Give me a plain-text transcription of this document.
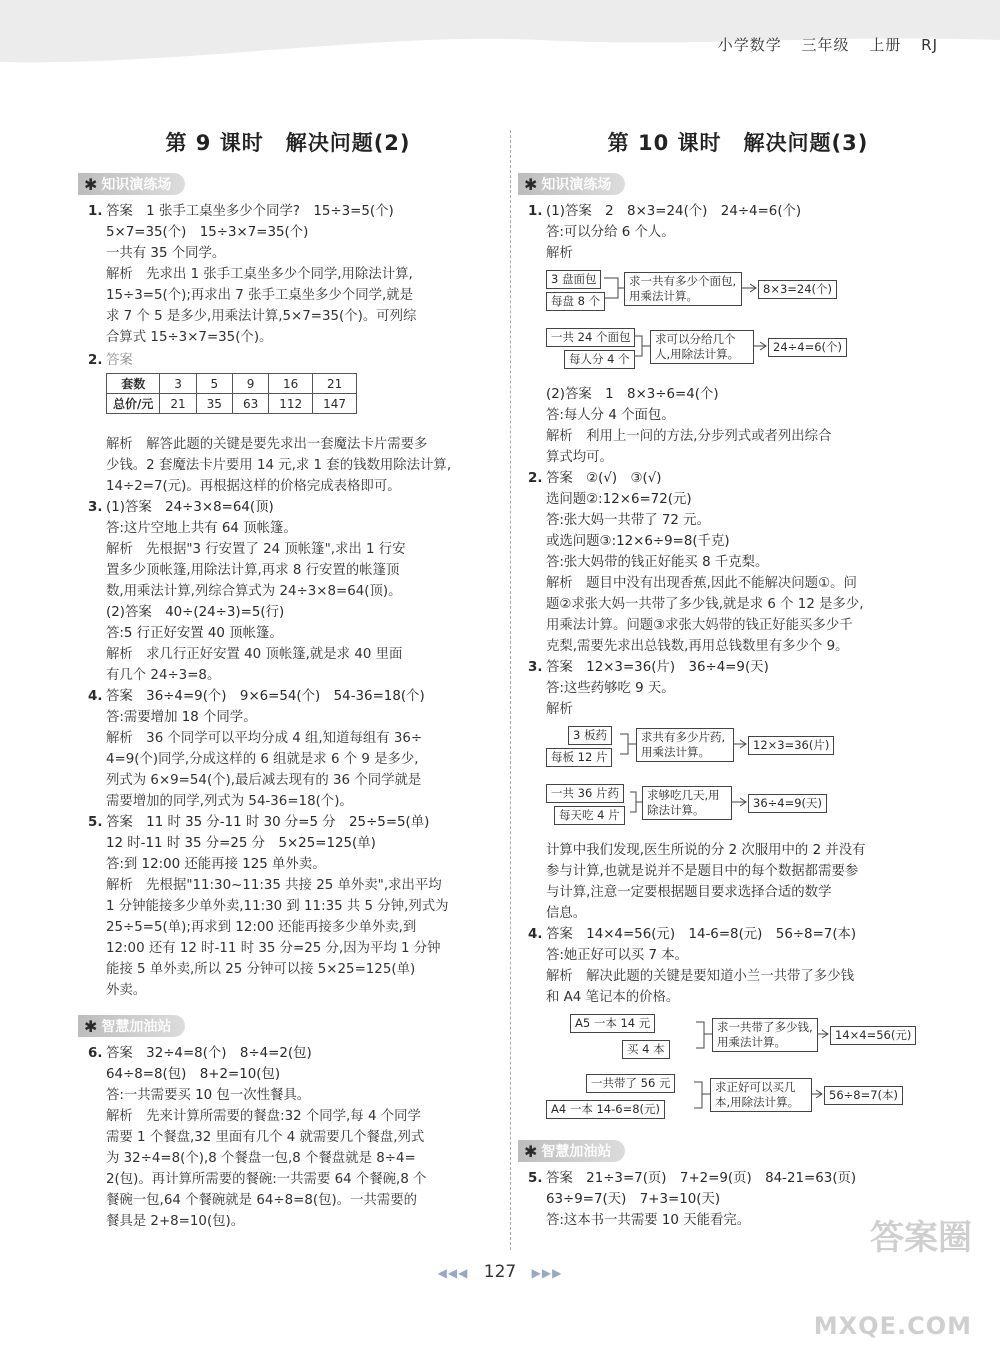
小学数学 三年级 上册 RJ
第 9 课时　解决问题(2)
✱ 知识演练场

1. 答案　1 张手工桌坐多少个同学?　15÷3=5(个)

5×7=35(个)　15÷3×7=35(个)

一共有 35 个同学。

解析　先求出 1 张手工桌坐多少个同学,用除法计算,

15÷3=5(个);再求出 7 张手工桌坐多少个同学,就是

求 7 个 5 是多少,用乘法计算,5×7=35(个)。可列综

合算式 15÷3×7=35(个)。

2. 答案

套数	3	5	9	16	21
总价/元	21	35	63	112	147

解析　解答此题的关键是要先求出一套魔法卡片需要多

少钱。2 套魔法卡片要用 14 元,求 1 套的钱数用除法计算,

14÷2=7(元)。再根据这样的价格完成表格即可。

3. (1)答案　24÷3×8=64(顶)

答:这片空地上共有 64 顶帐篷。

解析　先根据"3 行安置了 24 顶帐篷",求出 1 行安

置多少顶帐篷,用除法计算,再求 8 行安置的帐篷顶

数,用乘法计算,列综合算式为 24÷3×8=64(顶)。

(2)答案　40÷(24÷3)=5(行)

答:5 行正好安置 40 顶帐篷。

解析　求几行正好安置 40 顶帐篷,就是求 40 里面

有几个 24÷3=8。

4. 答案　36÷4=9(个)　9×6=54(个)　54-36=18(个)

答:需要增加 18 个同学。

解析　36 个同学可以平均分成 4 组,知道每组有 36÷

4=9(个)同学,分成这样的 6 组就是求 6 个 9 是多少,

列式为 6×9=54(个),最后减去现有的 36 个同学就是

需要增加的同学,列式为 54-36=18(个)。

5. 答案　11 时 35 分-11 时 30 分=5 分　25÷5=5(单)

12 时-11 时 35 分=25 分　5×25=125(单)

答:到 12:00 还能再接 125 单外卖。

解析　先根据"11:30~11:35 共接 25 单外卖",求出平均

1 分钟能接多少单外卖,11:30 到 11:35 共 5 分钟,列式为

25÷5=5(单);再求到 12:00 还能再接多少单外卖,到

12:00 还有 12 时-11 时 35 分=25 分,因为平均 1 分钟

能接 5 单外卖,所以 25 分钟可以接 5×25=125(单)

外卖。

✱ 智慧加油站

6. 答案　32÷4=8(个)　8÷4=2(包)

64÷8=8(包)　8+2=10(包)

答:一共需要买 10 包一次性餐具。

解析　先来计算所需要的餐盘:32 个同学,每 4 个同学

需要 1 个餐盘,32 里面有几个 4 就需要几个餐盘,列式

为 32÷4=8(个),8 个餐盘一包,8 个餐盘就是 8÷4=

2(包)。再计算所需要的餐碗:一共需要 64 个餐碗,8 个

餐碗一包,64 个餐碗就是 64÷8=8(包)。一共需要的

餐具是 2+8=10(包)。

第 10 课时　解决问题(3)
✱ 知识演练场

1. (1)答案　2　8×3=24(个)　24÷4=6(个)

答:可以分给 6 个人。

解析

3 盘面包
每盘 8 个
求一共有多少个面包,用乘法计算。	8×3=24(个)
一共 24 个面包
每人分 4 个
求可以分给几个人,用除法计算。	24÷4=6(个)

(2)答案　1　8×3÷6=4(个)

答:每人分 4 个面包。

解析　利用上一问的方法,分步列式或者列出综合

算式均可。

2. 答案　②(√)　③(√)

选问题②:12×6=72(元)

答:张大妈一共带了 72 元。

或选问题③:12×6÷9=8(千克)

答:张大妈带的钱正好能买 8 千克梨。

解析　题目中没有出现香蕉,因此不能解决问题①。问

题②求张大妈一共带了多少钱,就是求 6 个 12 是多少,

用乘法计算。问题③求张大妈带的钱正好能买多少千

克梨,需要先求出总钱数,再用总钱数里有多少个 9。

3. 答案　12×3=36(片)　36÷4=9(天)

答:这些药够吃 9 天。

解析

3 板药
每板 12 片
求共有多少片药,用乘法计算。	12×3=36(片)
一共 36 片药
每天吃 4 片
求够吃几天,用除法计算。	36÷4=9(天)

计算中我们发现,医生所说的分 2 次服用中的 2 并没有

参与计算,也就是说并不是题目中的每个数据都需要参

与计算,注意一定要根据题目要求选择合适的数学

信息。

4. 答案　14×4=56(元)　14-6=8(元)　56÷8=7(本)

答:她正好可以买 7 本。

解析　解决此题的关键是要知道小兰一共带了多少钱

和 A4 笔记本的价格。

A5 一本 14 元
买 4 本
求一共带了多少钱,用乘法计算。	14×4=56(元)
一共带了 56 元
A4 一本 14-6=8(元)
求正好可以买几本,用除法计算。	56÷8=7(本)
✱ 智慧加油站

5. 答案　21÷3=7(页)　7+2=9(页)　84-21=63(页)

63÷9=7(天)　7+3=10(天)

答:这本书一共需要 10 天能看完。

◀◀◀ 127 ▶▶▶
答案圈
MXQE.COM
